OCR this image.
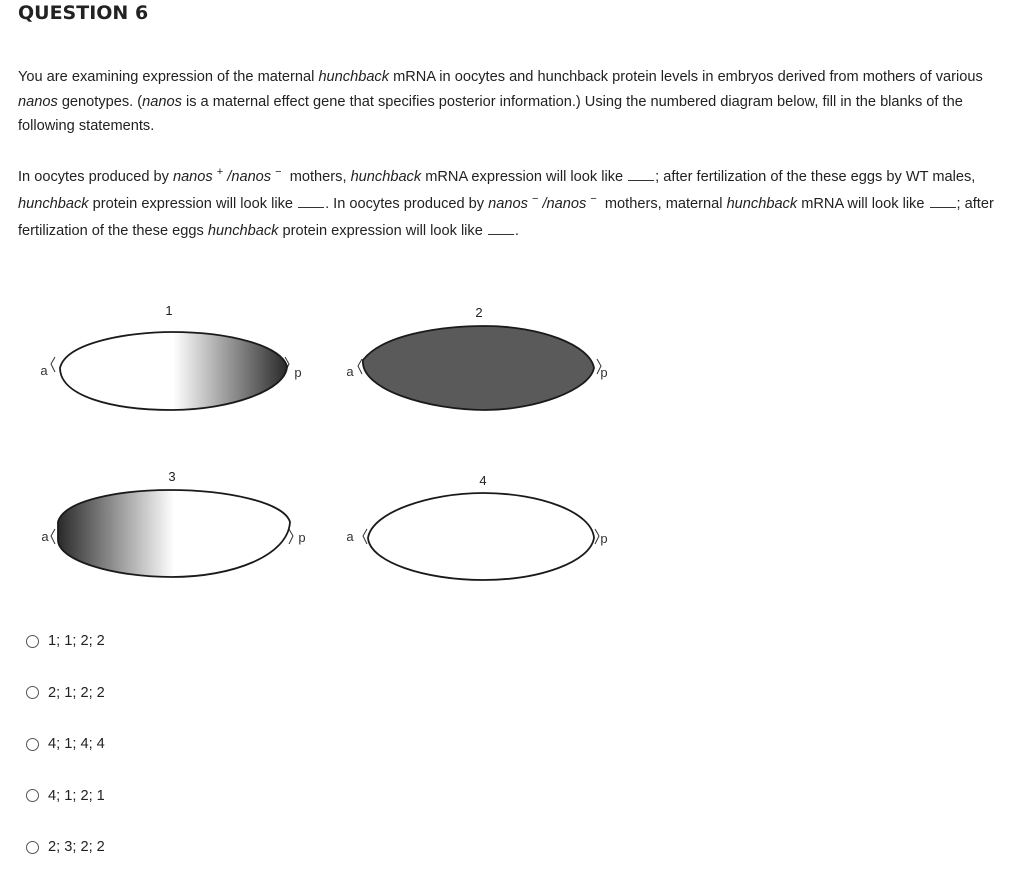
QUESTION 6
You are examining expression of the maternal hunchback mRNA in oocytes and hunchback protein levels in embryos derived from mothers of various nanos genotypes. (nanos is a maternal effect gene that specifies posterior information.) Using the numbered diagram below, fill in the blanks of the following statements.
In oocytes produced by nanos + /nanos −  mothers, hunchback mRNA expression will look like ; after fertilization of the these eggs by WT males, hunchback protein expression will look like . In oocytes produced by nanos − /nanos −  mothers, maternal hunchback mRNA will look like ; after fertilization of the these eggs hunchback protein expression will look like .
1
a	p
2
a	p
3
a	p
4
a	p
1; 1; 2; 2
2; 1; 2; 2
4; 1; 4; 4
4; 1; 2; 1
2; 3; 2; 2
